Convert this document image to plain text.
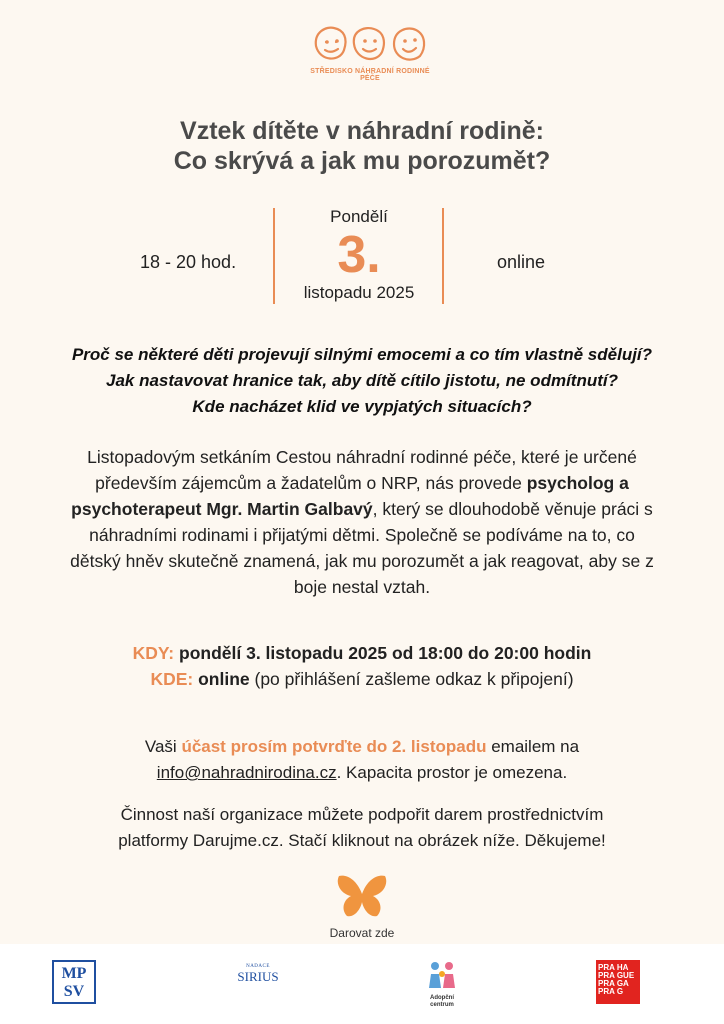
STŘEDISKO NÁHRADNÍ RODINNÉ PÉČE
Vztek dítěte v náhradní rodině:
Co skrývá a jak mu porozumět?
18 - 20 hod.
Pondělí
3.
listopadu 2025
online
Proč se některé děti projevují silnými emocemi a co tím vlastně sdělují?
Jak nastavovat hranice tak, aby dítě cítilo jistotu, ne odmítnutí?
Kde nacházet klid ve vypjatých situacích?
Listopadovým setkáním Cestou náhradní rodinné péče, které je určené především zájemcům a žadatelům o NRP, nás provede psycholog a psychoterapeut Mgr. Martin Galbavý, který se dlouhodobě věnuje práci s náhradními rodinami i přijatými dětmi. Společně se podíváme na to, co dětský hněv skutečně znamená, jak mu porozumět a jak reagovat, aby se z boje nestal vztah.
KDY: pondělí 3. listopadu 2025 od 18:00 do 20:00 hodin
KDE: online (po přihlášení zašleme odkaz k připojení)
Vaši účast prosím potvrďte do 2. listopadu emailem na
info@nahradnirodina.cz. Kapacita prostor je omezena.
Činnost naší organizace můžete podpořit darem prostřednictvím
platformy Darujme.cz. Stačí kliknout na obrázek níže. Děkujeme!
Darovat zde
MP
SV
NADACE
SIRIUS
Adopční
centrum
PRA HA
PRA GUE
PRA GA
PRA G
